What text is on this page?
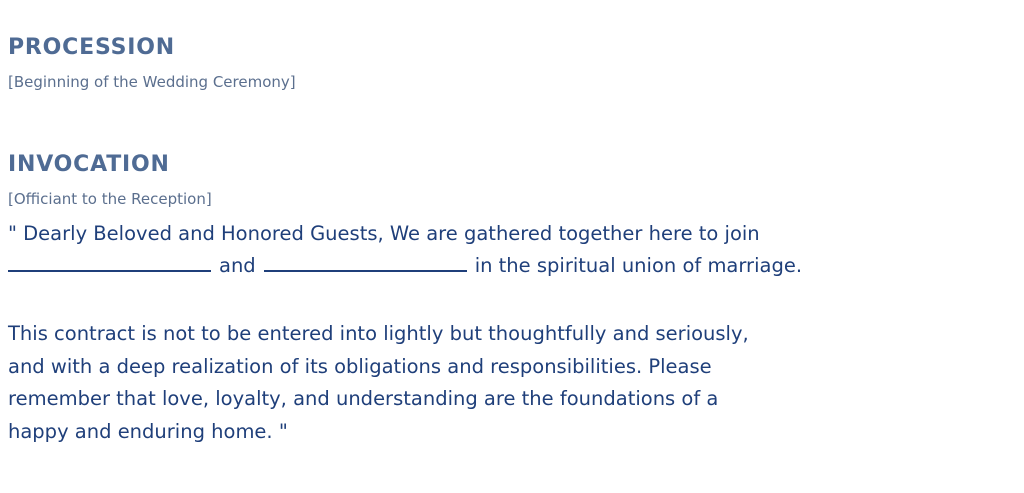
PROCESSION

[Beginning of the Wedding Ceremony]

INVOCATION

[Officiant to the Reception]

" Dearly Beloved and Honored Guests, We are gathered together here to join
and	in the spiritual union of marriage.
This contract is not to be entered into lightly but thoughtfully and seriously,
and with a deep realization of its obligations and responsibilities. Please
remember that love, loyalty, and understanding are the foundations of a
happy and enduring home. "
